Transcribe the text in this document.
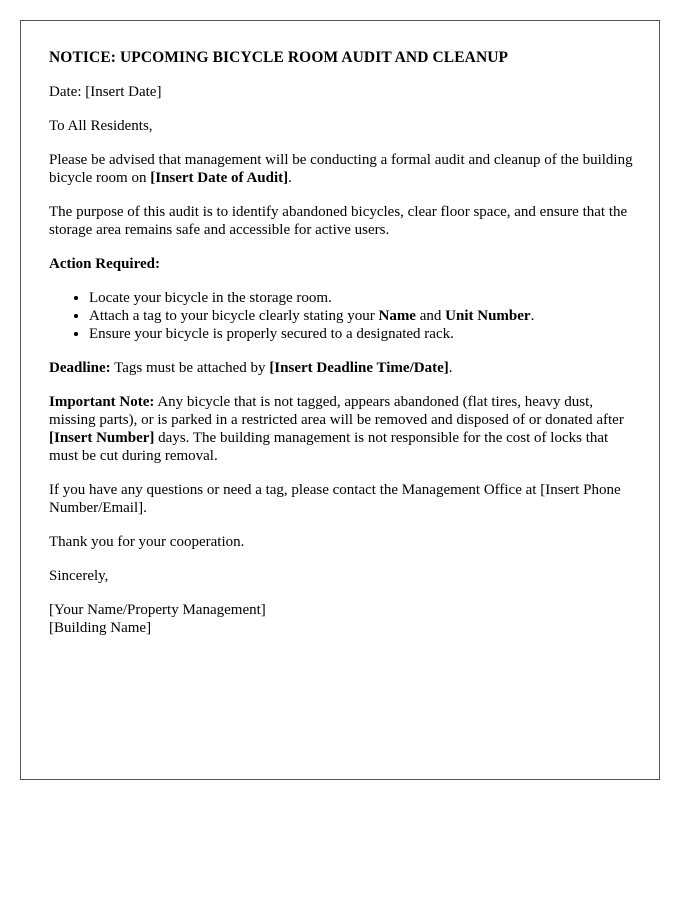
NOTICE: UPCOMING BICYCLE ROOM AUDIT AND CLEANUP

Date: [Insert Date]

To All Residents,

Please be advised that management will be conducting a formal audit and cleanup of the building bicycle room on [Insert Date of Audit].

The purpose of this audit is to identify abandoned bicycles, clear floor space, and ensure that the storage area remains safe and accessible for active users.

Action Required:

• Locate your bicycle in the storage room.
• Attach a tag to your bicycle clearly stating your Name and Unit Number.
• Ensure your bicycle is properly secured to a designated rack.

Deadline: Tags must be attached by [Insert Deadline Time/Date].

Important Note: Any bicycle that is not tagged, appears abandoned (flat tires, heavy dust, missing parts), or is parked in a restricted area will be removed and disposed of or donated after [Insert Number] days. The building management is not responsible for the cost of locks that must be cut during removal.

If you have any questions or need a tag, please contact the Management Office at [Insert Phone Number/Email].

Thank you for your cooperation.

Sincerely,

[Your Name/Property Management]

[Building Name]
